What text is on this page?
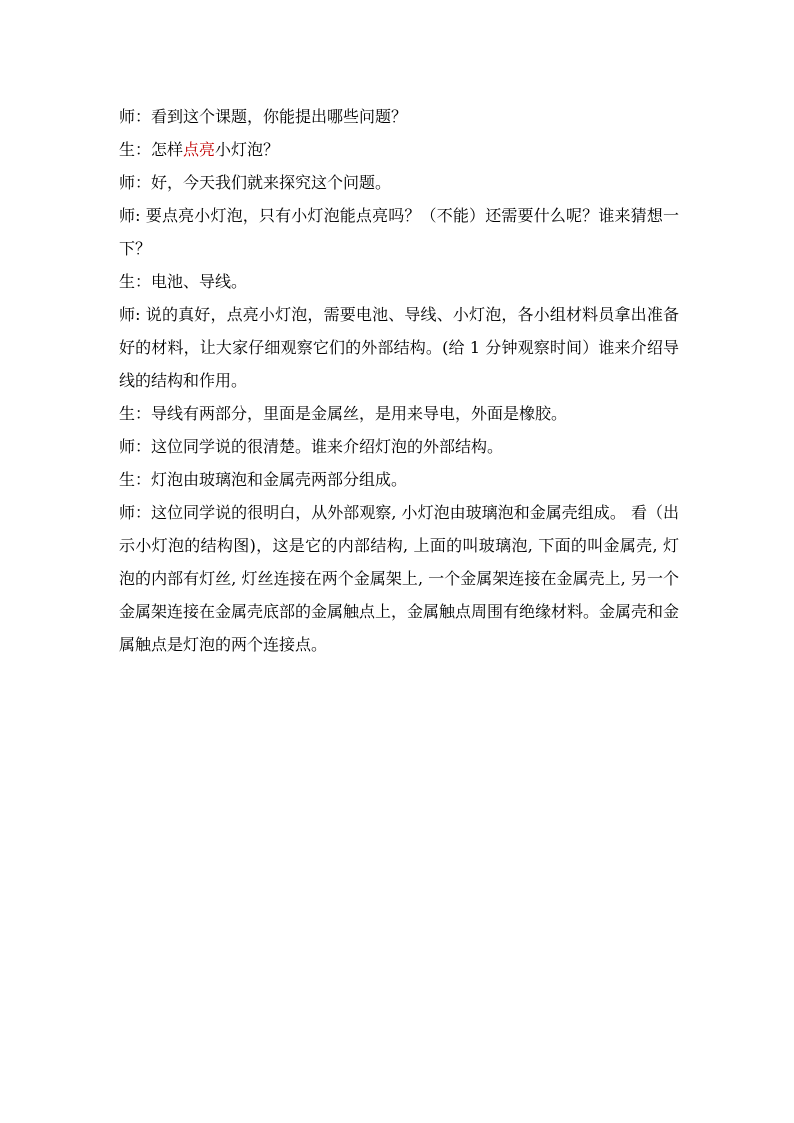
师：看到这个课题，你能提出哪些问题？

生：怎样点亮小灯泡？

师：好，今天我们就来探究这个问题。

师: 要点亮小灯泡，只有小灯泡能点亮吗？（不能）还需要什么呢？谁来猜想一下？

生：电池、导线。

师: 说的真好，点亮小灯泡，需要电池、导线、小灯泡，各小组材料员拿出准备好的材料，让大家仔细观察它们的外部结构。(给 1 分钟观察时间）谁来介绍导线的结构和作用。

生：导线有两部分，里面是金属丝，是用来导电，外面是橡胶。

师：这位同学说的很清楚。谁来介绍灯泡的外部结构。

生：灯泡由玻璃泡和金属壳两部分组成。

师：这位同学说的很明白，从外部观察, 小灯泡由玻璃泡和金属壳组成。 看（出示小灯泡的结构图)，这是它的内部结构, 上面的叫玻璃泡, 下面的叫金属壳, 灯泡的内部有灯丝, 灯丝连接在两个金属架上, 一个金属架连接在金属壳上, 另一个金属架连接在金属壳底部的金属触点上，金属触点周围有绝缘材料。金属壳和金属触点是灯泡的两个连接点。
